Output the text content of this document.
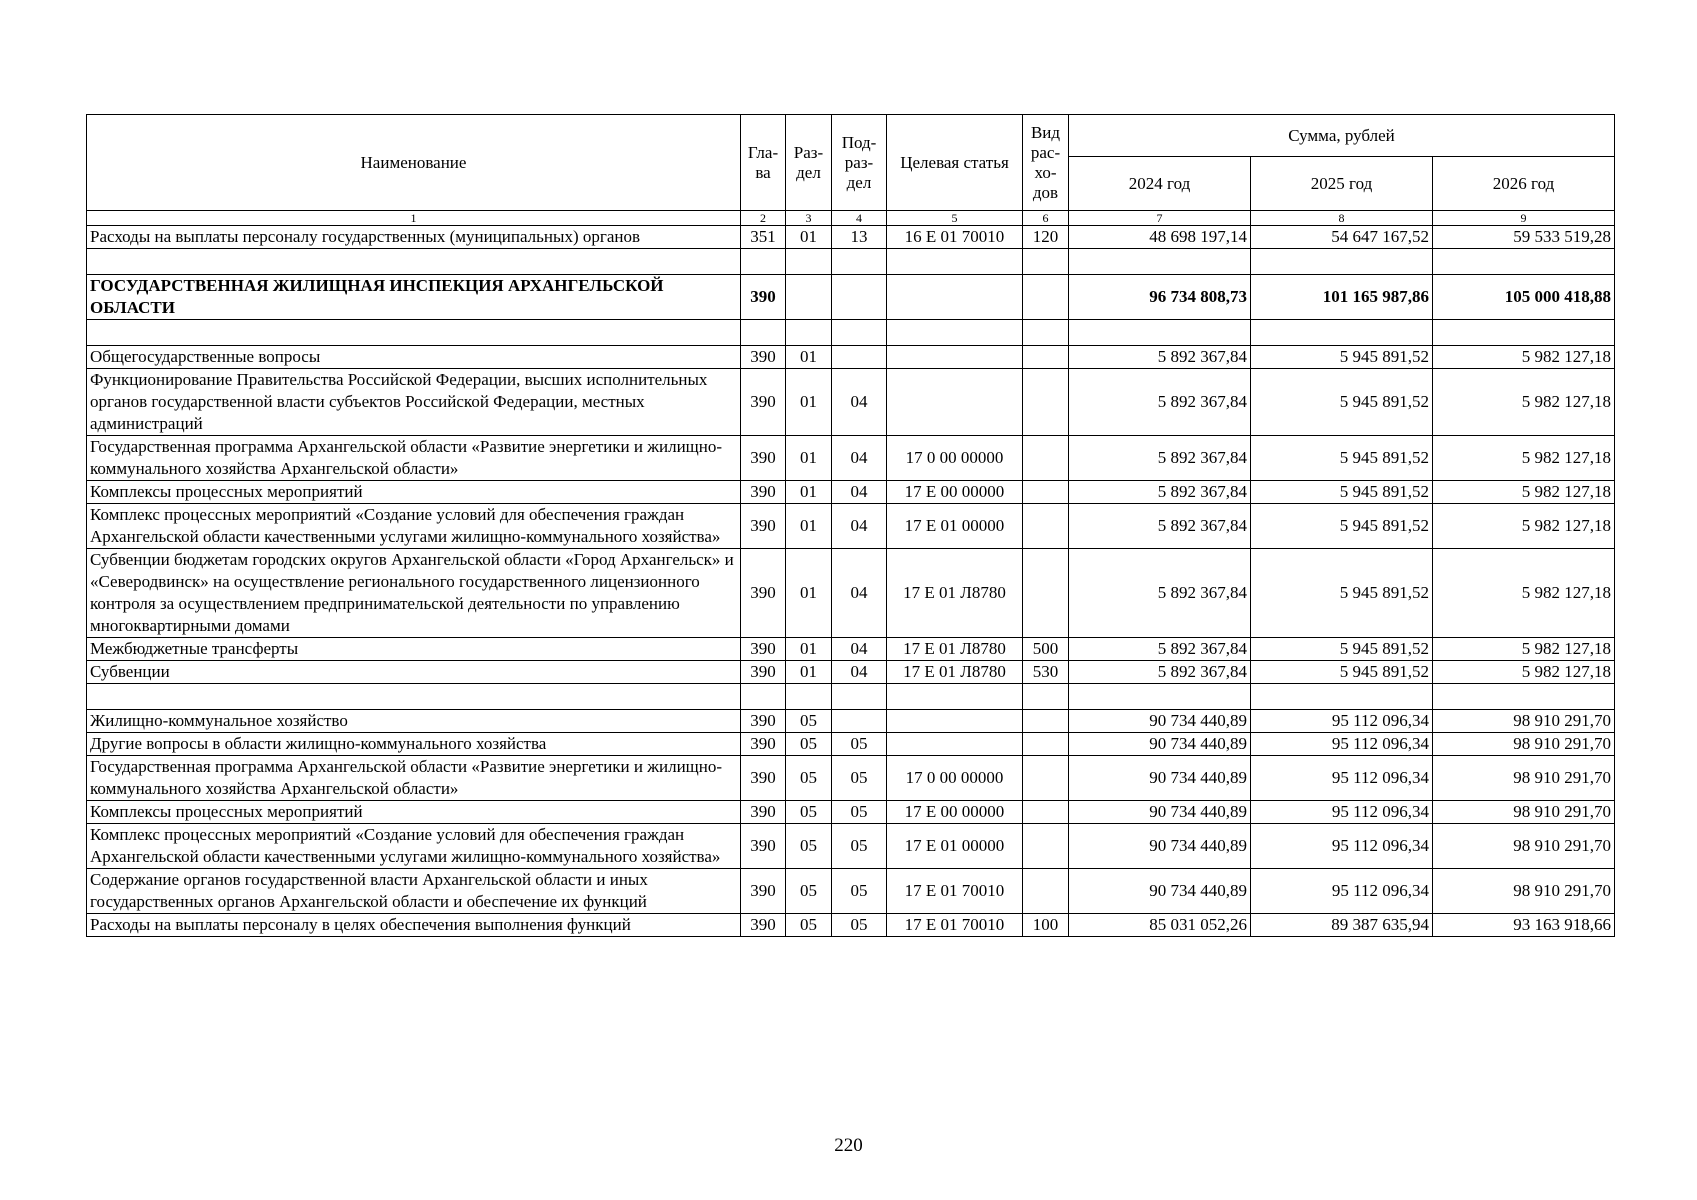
Наименование	Гла-ва	Раз-дел	Под-раз-дел	Целевая статья	Вид рас-хо-дов	Сумма, рублей		
						2024 год	2025 год	2026 год
1	2	3	4	5	6	7	8	9
Расходы на выплаты персоналу государственных (муниципальных) органов	351	01	13	16 Е 01 70010	120	48 698 197,14	54 647 167,52	59 533 519,28

ГОСУДАРСТВЕННАЯ ЖИЛИЩНАЯ ИНСПЕКЦИЯ АРХАНГЕЛЬСКОЙ ОБЛАСТИ	390					96 734 808,73	101 165 987,86	105 000 418,88

Общегосударственные вопросы	390	01				5 892 367,84	5 945 891,52	5 982 127,18
Функционирование Правительства Российской Федерации, высших исполнительных органов государственной власти субъектов Российской Федерации, местных администраций	390	01	04			5 892 367,84	5 945 891,52	5 982 127,18
Государственная программа Архангельской области «Развитие энергетики и жилищно-коммунального хозяйства Архангельской области»	390	01	04	17 0 00 00000		5 892 367,84	5 945 891,52	5 982 127,18
Комплексы процессных мероприятий	390	01	04	17 Е 00 00000		5 892 367,84	5 945 891,52	5 982 127,18
Комплекс процессных мероприятий «Создание условий для обеспечения граждан Архангельской области качественными услугами жилищно-коммунального хозяйства»	390	01	04	17 Е 01 00000		5 892 367,84	5 945 891,52	5 982 127,18
Субвенции бюджетам городских округов Архангельской области «Город Архангельск» и «Северодвинск» на осуществление регионального государственного лицензионного контроля за осуществлением предпринимательской деятельности по управлению многоквартирными домами	390	01	04	17 Е 01 Л8780		5 892 367,84	5 945 891,52	5 982 127,18
Межбюджетные трансферты	390	01	04	17 Е 01 Л8780	500	5 892 367,84	5 945 891,52	5 982 127,18
Субвенции	390	01	04	17 Е 01 Л8780	530	5 892 367,84	5 945 891,52	5 982 127,18

Жилищно-коммунальное хозяйство	390	05				90 734 440,89	95 112 096,34	98 910 291,70
Другие вопросы в области жилищно-коммунального хозяйства	390	05	05			90 734 440,89	95 112 096,34	98 910 291,70
Государственная программа Архангельской области «Развитие энергетики и жилищно-коммунального хозяйства Архангельской области»	390	05	05	17 0 00 00000		90 734 440,89	95 112 096,34	98 910 291,70
Комплексы процессных мероприятий	390	05	05	17 Е 00 00000		90 734 440,89	95 112 096,34	98 910 291,70
Комплекс процессных мероприятий «Создание условий для обеспечения граждан Архангельской области качественными услугами жилищно-коммунального хозяйства»	390	05	05	17 Е 01 00000		90 734 440,89	95 112 096,34	98 910 291,70
Содержание органов государственной власти Архангельской области и иных государственных органов Архангельской области и обеспечение их функций	390	05	05	17 Е 01 70010		90 734 440,89	95 112 096,34	98 910 291,70
Расходы на выплаты персоналу в целях обеспечения выполнения функций	390	05	05	17 Е 01 70010	100	85 031 052,26	89 387 635,94	93 163 918,66
220
